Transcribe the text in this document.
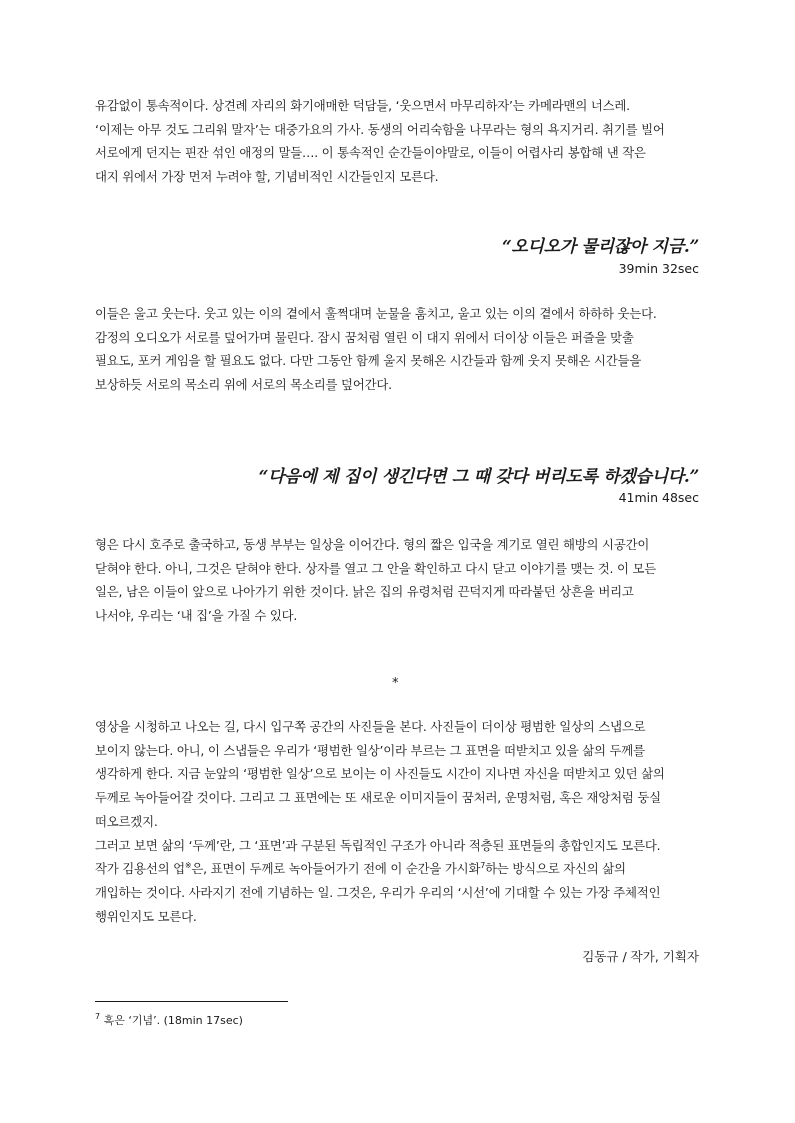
유감없이 통속적이다. 상견례 자리의 화기애매한 덕담들, ‘웃으면서 마무리하자’는 카메라맨의 너스레.
‘이제는 아무 것도 그리워 말자’는 대중가요의 가사. 동생의 어리숙함을 나무라는 형의 욕지거리. 취기를 빌어
서로에게 던지는 핀잔 섞인 애정의 말들…. 이 통속적인 순간들이야말로, 이들이 어렵사리 봉합해 낸 작은
대지 위에서 가장 먼저 누려야 할, 기념비적인 시간들인지 모른다.
“오디오가 물리잖아 지금.”
39min 32sec
이들은 울고 웃는다. 웃고 있는 이의 곁에서 훌쩍대며 눈물을 훔치고, 울고 있는 이의 곁에서 하하하 웃는다.
감정의 오디오가 서로를 덮어가며 물린다. 잠시 꿈처럼 열린 이 대지 위에서 더이상 이들은 퍼즐을 맞출
필요도, 포커 게임을 할 필요도 없다. 다만 그동안 함께 울지 못해온 시간들과 함께 웃지 못해온 시간들을
보상하듯 서로의 목소리 위에 서로의 목소리를 덮어간다.
“다음에 제 집이 생긴다면 그 때 갖다 버리도록 하겠습니다.”
41min 48sec
형은 다시 호주로 출국하고, 동생 부부는 일상을 이어간다. 형의 짧은 입국을 계기로 열린 해방의 시공간이
닫혀야 한다. 아니, 그것은 닫혀야 한다. 상자를 열고 그 안을 확인하고 다시 닫고 이야기를 맺는 것. 이 모든
일은, 남은 이들이 앞으로 나아가기 위한 것이다. 낡은 집의 유령처럼 끈덕지게 따라붙던 상흔을 버리고
나서야, 우리는 ‘내 집’을 가질 수 있다.
*
영상을 시청하고 나오는 길, 다시 입구쪽 공간의 사진들을 본다. 사진들이 더이상 평범한 일상의 스냅으로
보이지 않는다. 아니, 이 스냅들은 우리가 ‘평범한 일상’이라 부르는 그 표면을 떠받치고 있을 삶의 두께를
생각하게 한다. 지금 눈앞의 ‘평범한 일상’으로 보이는 이 사진들도 시간이 지나면 자신을 떠받치고 있던 삶의
두께로 녹아들어갈 것이다. 그리고 그 표면에는 또 새로운 이미지들이 꿈처러, 운명처럼, 혹은 재앙처럼 둥실
떠오르겠지.
그러고 보면 삶의 ‘두께’란, 그 ‘표면’과 구분된 독립적인 구조가 아니라 적층된 표면들의 총합인지도 모른다.
작가 김용선의 업※은, 표면이 두께로 녹아들어가기 전에 이 순간을 가시화$^7$하는 방식으로 자신의 삶의
개입하는 것이다. 사라지기 전에 기념하는 일. 그것은, 우리가 우리의 ‘시선’에 기대할 수 있는 가장 주체적인
행위인지도 모른다.
김동규 / 작가, 기획자
$^7$ 혹은 ‘기념’. (18min 17sec)
